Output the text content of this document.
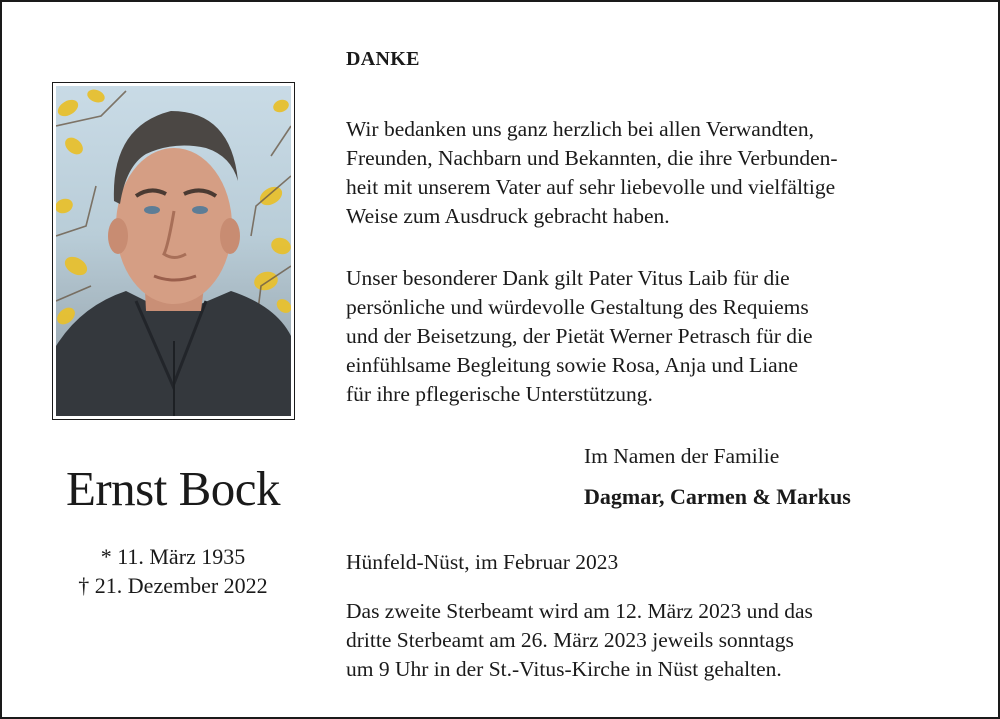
Ernst Bock
* 11. März 1935
† 21. Dezember 2022
DANKE
Wir bedanken uns ganz herzlich bei allen Verwandten,
Freunden, Nachbarn und Bekannten, die ihre Verbunden-
heit mit unserem Vater auf sehr liebevolle und vielfältige
Weise zum Ausdruck gebracht haben.
Unser besonderer Dank gilt Pater Vitus Laib für die
persönliche und würdevolle Gestaltung des Requiems
und der Beisetzung, der Pietät Werner Petrasch für die
einfühlsame Begleitung sowie Rosa, Anja und Liane
für ihre pflegerische Unterstützung.
Im Namen der Familie
Dagmar, Carmen & Markus
Hünfeld-Nüst, im Februar 2023
Das zweite Sterbeamt wird am 12. März 2023 und das
dritte Sterbeamt am 26. März 2023 jeweils sonntags
um 9 Uhr in der St.-Vitus-Kirche in Nüst gehalten.
